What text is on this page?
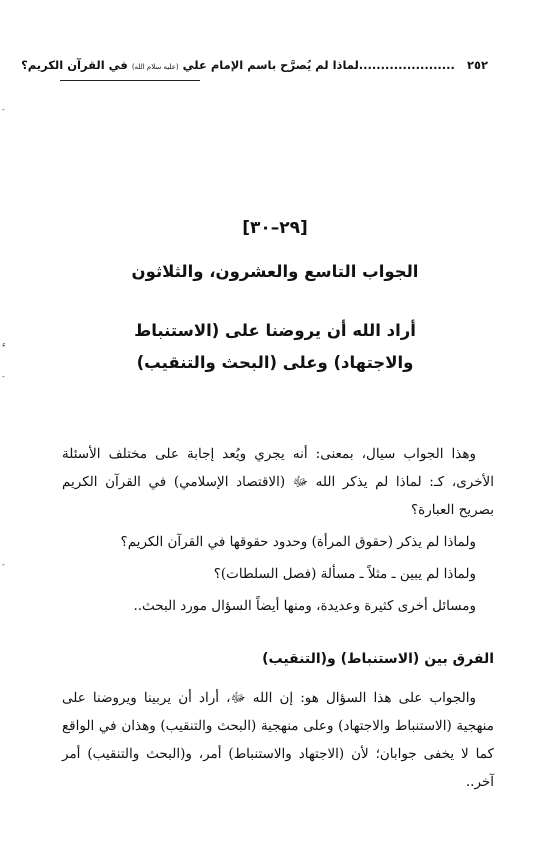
٢٥٢ ......................لماذا لم يُصرَّح باسم الإمام علي (عليه سلام الله) في القرآن الكريم؟
-
ء
-
-
[٢٩–٣٠]
الجواب التاسع والعشرون، والثلاثون
أراد الله أن يروضنا على (الاستنباط
والاجتهاد) وعلى (البحث والتنقيب)

وهذا الجواب سيال، بمعنى: أنه يجري ويُعد إجابة على مختلف الأسئلة الأخرى، كـ: لماذا لم يذكر الله ﷻ (الاقتصاد الإسلامي) في القرآن الكريم بصريح العبارة؟

ولماذا لم يذكر (حقوق المرأة) وحدود حقوقها في القرآن الكريم؟

ولماذا لم يبين ـ مثلاً ـ مسألة (فصل السلطات)؟

ومسائل أخرى كثيرة وعديدة، ومنها أيضاً السؤال مورد البحث..

الفرق بين (الاستنباط) و(التنقيب)

والجواب على هذا السؤال هو: إن الله ﷻ، أراد أن يربينا ويروضنا على منهجية (الاستنباط والاجتهاد) وعلى منهجية (البحث والتنقيب) وهذان في الواقع كما لا يخفى جوابان؛ لأن (الاجتهاد والاستنباط) أمر، و(البحث والتنقيب) أمر آخر..
